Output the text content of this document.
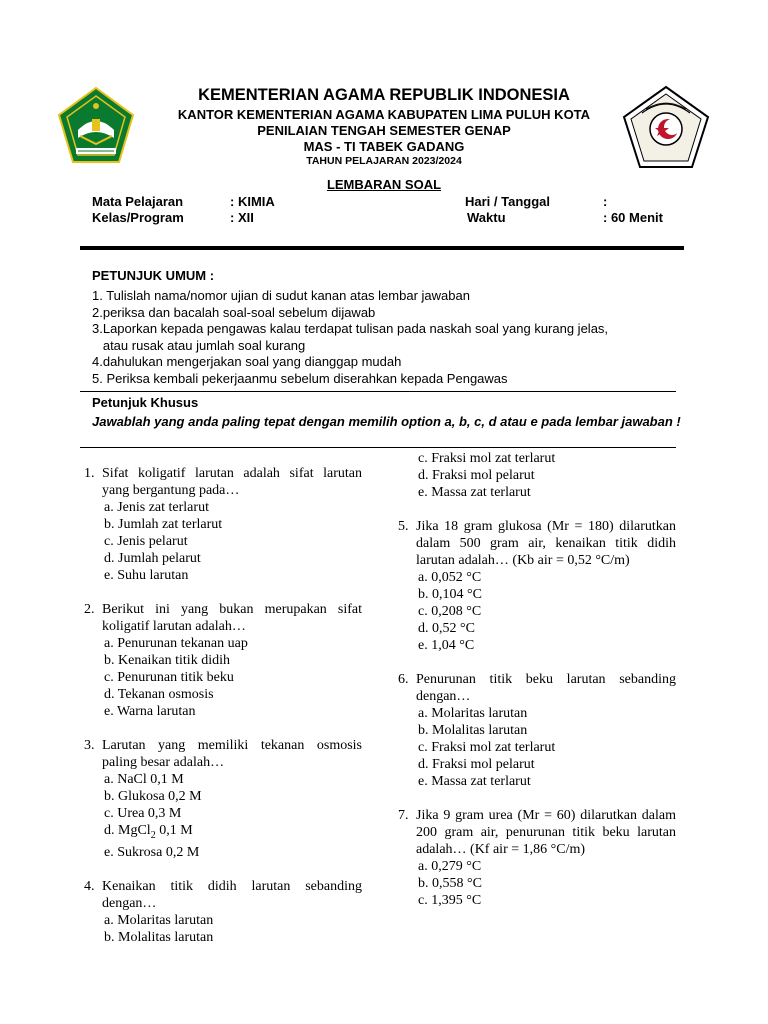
KEMENTERIAN AGAMA REPUBLIK INDONESIA
KANTOR KEMENTERIAN AGAMA KABUPATEN LIMA PULUH KOTA
PENILAIAN TENGAH SEMESTER GENAP
MAS - TI TABEK GADANG
TAHUN PELAJARAN 2023/2024
LEMBARAN SOAL
Mata Pelajaran	: KIMIA	Hari / Tanggal	:
Kelas/Program	: XII	Waktu	: 60 Menit
PETUNJUK UMUM :
1. Tulislah nama/nomor ujian di sudut kanan atas lembar jawaban
2.periksa dan bacalah soal-soal sebelum dijawab
3.Laporkan kepada pengawas kalau terdapat tulisan pada naskah soal yang kurang jelas,
atau rusak atau jumlah soal kurang
4.dahulukan mengerjakan soal yang dianggap mudah
5. Periksa kembali pekerjaanmu sebelum diserahkan kepada Pengawas
Petunjuk Khusus
Jawablah yang anda paling tepat dengan memilih option a, b, c, d atau e pada lembar jawaban !
1. Sifat koligatif larutan adalah sifat larutan yang bergantung pada…
a. Jenis zat terlarut
b. Jumlah zat terlarut
c. Jenis pelarut
d. Jumlah pelarut
e. Suhu larutan
2. Berikut ini yang bukan merupakan sifat koligatif larutan adalah…
a. Penurunan tekanan uap
b. Kenaikan titik didih
c. Penurunan titik beku
d. Tekanan osmosis
e. Warna larutan
3. Larutan yang memiliki tekanan osmosis paling besar adalah…
a. NaCl 0,1 M
b. Glukosa 0,2 M
c. Urea 0,3 M
d. MgCl$_2$ 0,1 M
e. Sukrosa 0,2 M
4. Kenaikan titik didih larutan sebanding dengan…
a. Molaritas larutan
b. Molalitas larutan
c. Fraksi mol zat terlarut
d. Fraksi mol pelarut
e. Massa zat terlarut
5. Jika 18 gram glukosa (Mr = 180) dilarutkan dalam 500 gram air, kenaikan titik didih larutan adalah… (Kb air = 0,52 °C/m)
a. 0,052 °C
b. 0,104 °C
c. 0,208 °C
d. 0,52 °C
e. 1,04 °C
6. Penurunan titik beku larutan sebanding dengan…
a. Molaritas larutan
b. Molalitas larutan
c. Fraksi mol zat terlarut
d. Fraksi mol pelarut
e. Massa zat terlarut
7. Jika 9 gram urea (Mr = 60) dilarutkan dalam 200 gram air, penurunan titik beku larutan adalah… (Kf air = 1,86 °C/m)
a. 0,279 °C
b. 0,558 °C
c. 1,395 °C
